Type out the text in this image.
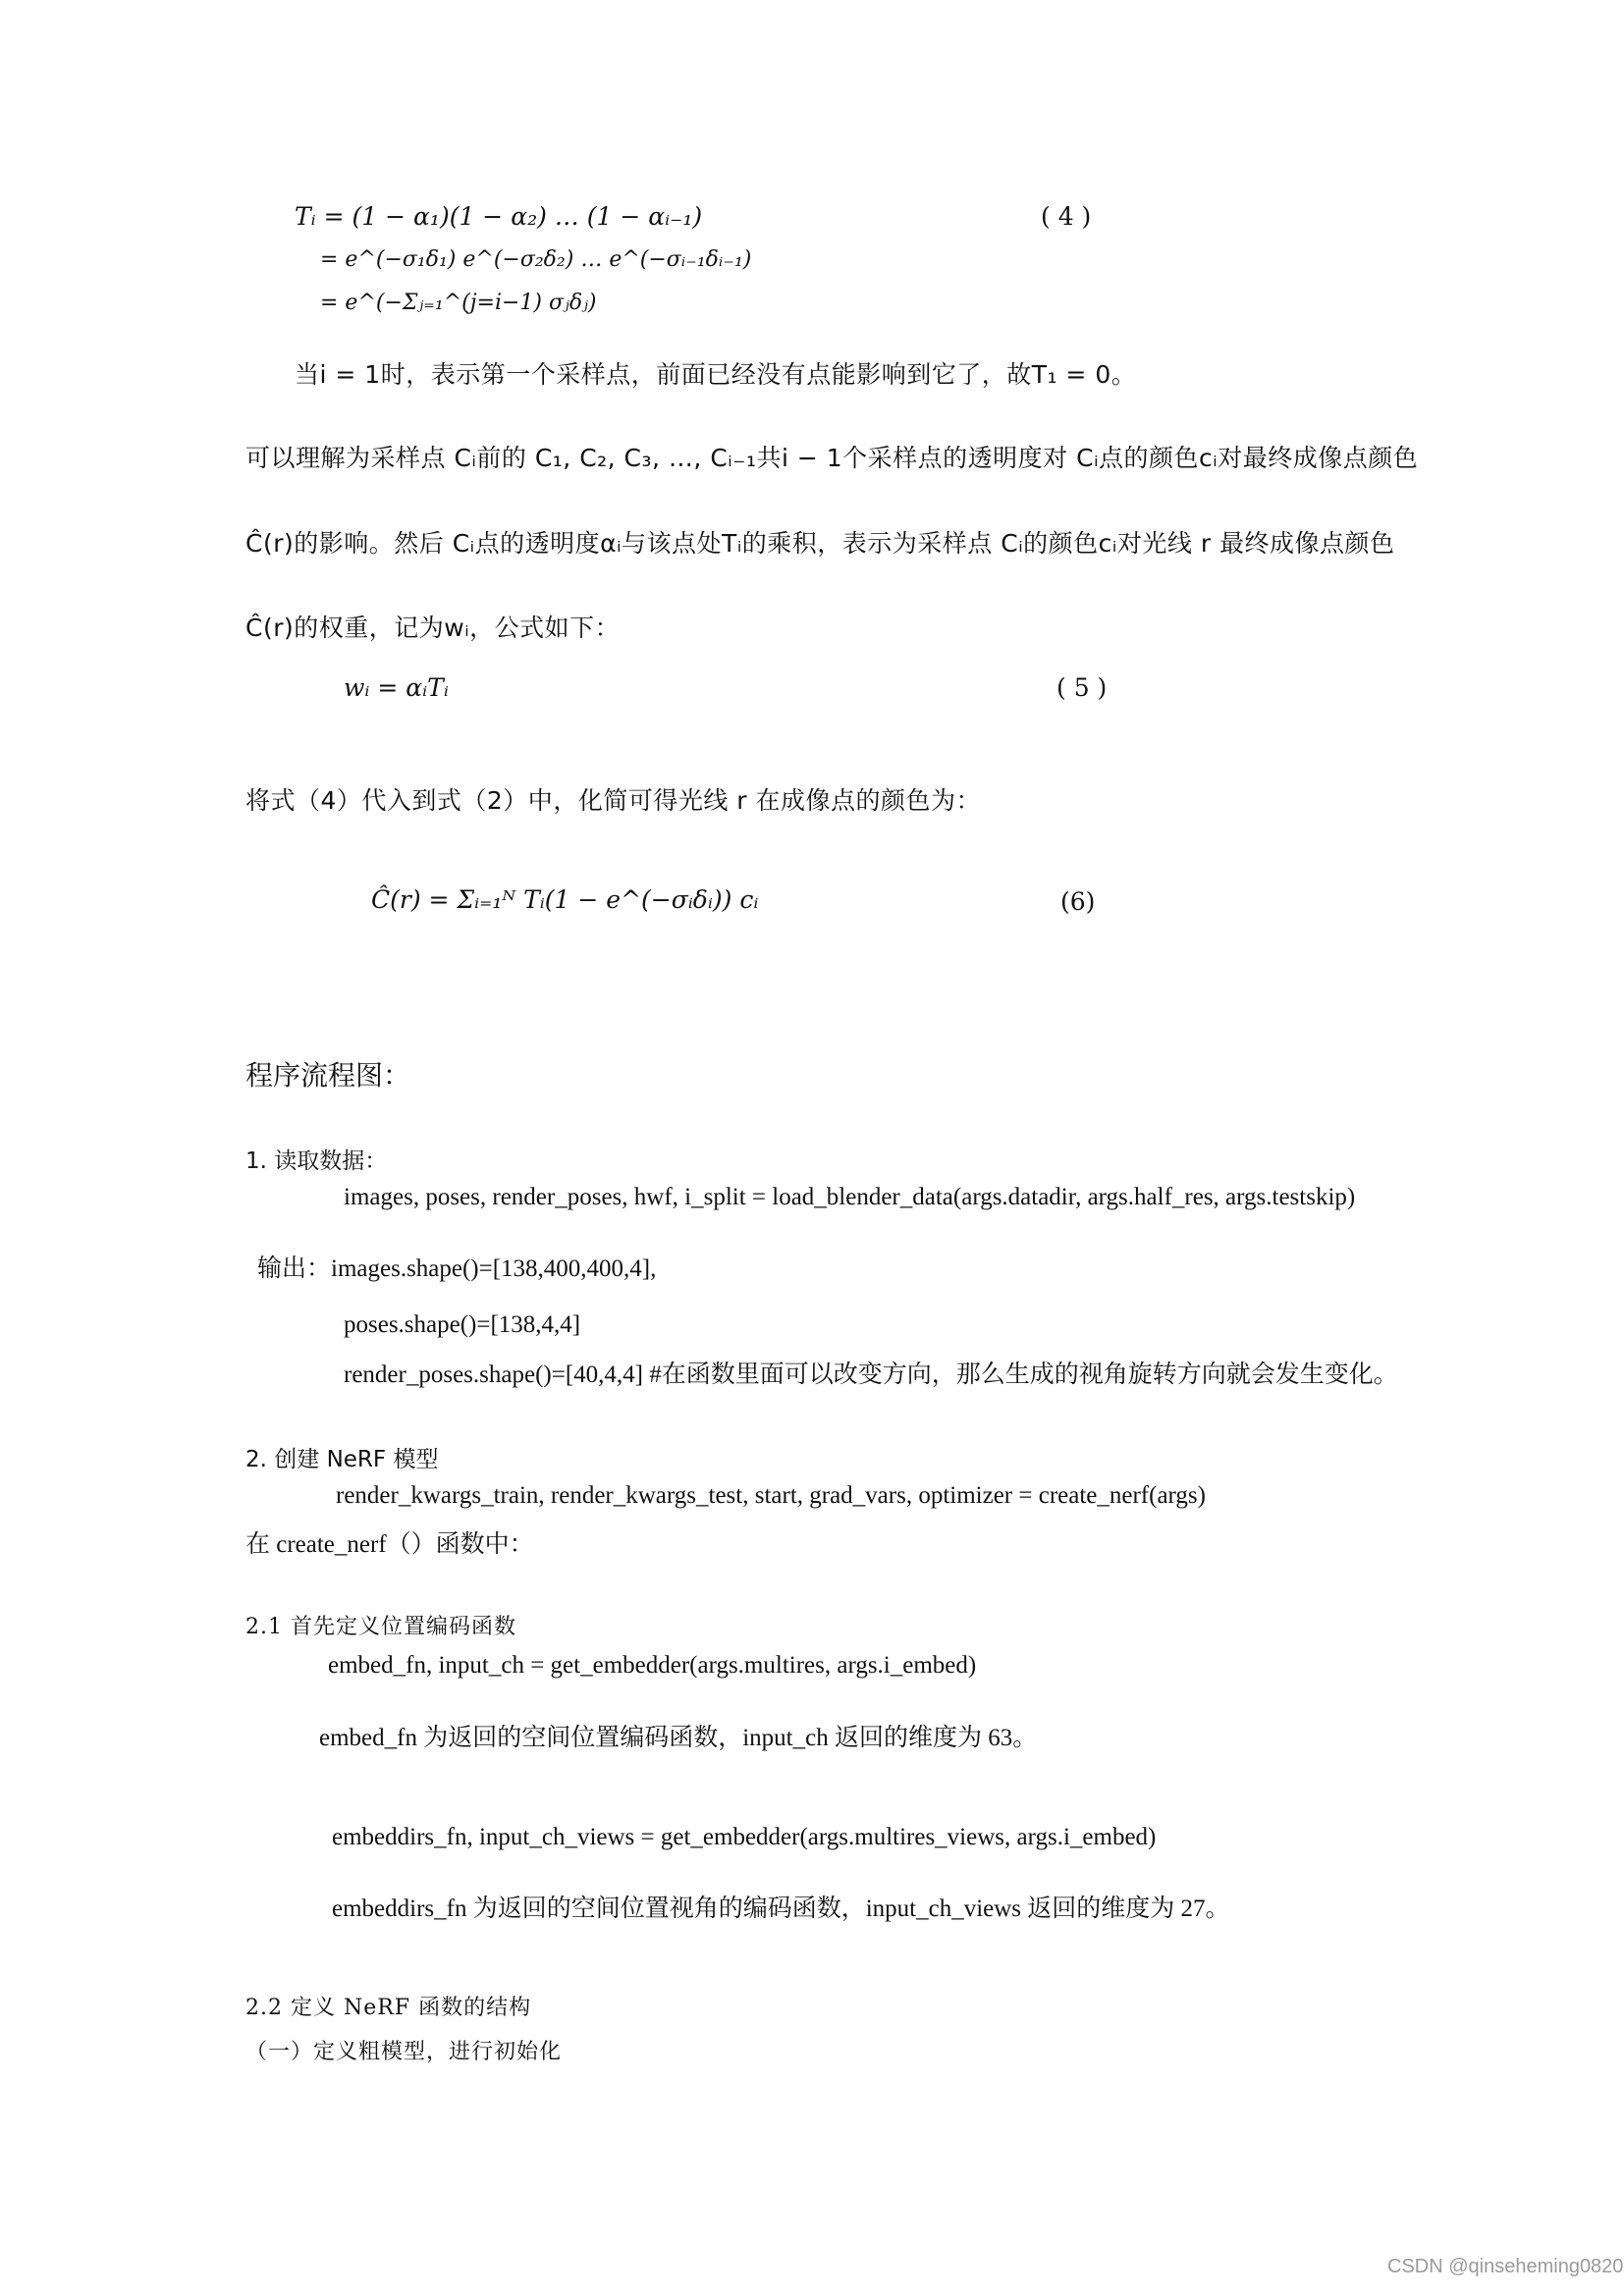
Tᵢ = (1 − α₁)(1 − α₂) … (1 − αᵢ₋₁)	( 4 )
= e^(−σ₁δ₁) e^(−σ₂δ₂) … e^(−σᵢ₋₁δᵢ₋₁)
= e^(−Σⱼ₌₁^(j=i−1) σⱼδⱼ)
当i = 1时，表示第一个采样点，前面已经没有点能影响到它了，故T₁ = 0。
可以理解为采样点 Cᵢ前的 C₁, C₂, C₃, …, Cᵢ₋₁共i − 1个采样点的透明度对 Cᵢ点的颜色cᵢ对最终成像点颜色
Ĉ(r)的影响。然后 Cᵢ点的透明度αᵢ与该点处Tᵢ的乘积，表示为采样点 Cᵢ的颜色cᵢ对光线 r 最终成像点颜色
Ĉ(r)的权重，记为wᵢ，公式如下：
wᵢ = αᵢTᵢ	( 5 )
将式（4）代入到式（2）中，化简可得光线 r 在成像点的颜色为：
Ĉ(r) = Σᵢ₌₁ᴺ Tᵢ(1 − e^(−σᵢδᵢ)) cᵢ	(6)
程序流程图：
1. 读取数据：
images, poses, render_poses, hwf, i_split = load_blender_data(args.datadir, args.half_res, args.testskip)
输出：images.shape()=[138,400,400,4],
poses.shape()=[138,4,4]
render_poses.shape()=[40,4,4] #在函数里面可以改变方向，那么生成的视角旋转方向就会发生变化。
2. 创建 NeRF 模型
render_kwargs_train, render_kwargs_test, start, grad_vars, optimizer = create_nerf(args)
在 create_nerf（）函数中：
2.1 首先定义位置编码函数
embed_fn, input_ch = get_embedder(args.multires, args.i_embed)
embed_fn 为返回的空间位置编码函数，input_ch 返回的维度为 63。
embeddirs_fn, input_ch_views = get_embedder(args.multires_views, args.i_embed)
embeddirs_fn 为返回的空间位置视角的编码函数，input_ch_views 返回的维度为 27。
2.2 定义 NeRF 函数的结构
（一）定义粗模型，进行初始化
CSDN @qinseheming0820
